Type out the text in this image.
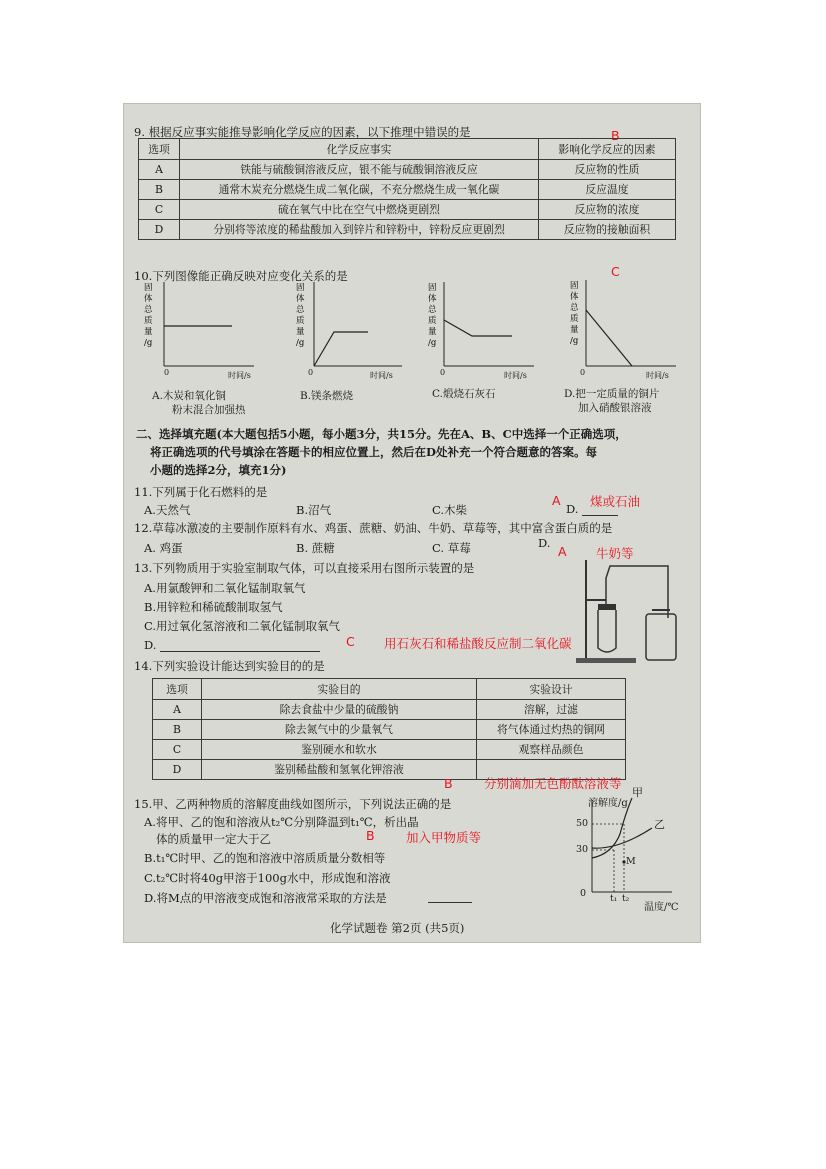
9. 根据反应事实能推导影响化学反应的因素，以下推理中错误的是	B
选项	化学反应事实	影响化学反应的因素
A	铁能与硫酸铜溶液反应，银不能与硫酸铜溶液反应	反应物的性质
B	通常木炭充分燃烧生成二氧化碳，不充分燃烧生成一氧化碳	反应温度
C	硫在氧气中比在空气中燃烧更剧烈	反应物的浓度
D	分别将等浓度的稀盐酸加入到锌片和锌粉中，锌粉反应更剧烈	反应物的接触面积
10.下列图像能正确反映对应变化关系的是	C
固
体
总
质
量
/g
固
体
总
质
量
/g
固
体
总
质
量
/g
固
体
总
质
量
/g
0	时间/s	0	时间/s	0	时间/s	0	时间/s
A.木炭和氧化铜
粉末混合加强热
B.镁条燃烧	C.煅烧石灰石	D.把一定质量的铜片
加入硝酸银溶液
二、选择填充题(本大题包括5小题，每小题3分，共15分。先在A、B、C中选择一个正确选项，
将正确选项的代号填涂在答题卡的相应位置上，然后在D处补充一个符合题意的答案。每
小题的选择2分，填充1分)
11.下列属于化石燃料的是
A.天然气	B.沼气	C.木柴
A
D. 煤或石油
12.草莓冰激凌的主要制作原料有水、鸡蛋、蔗糖、奶油、牛奶、草莓等，其中富含蛋白质的是
A. 鸡蛋	B. 蔗糖	C. 草莓	D.
A 牛奶等
13.下列物质用于实验室制取气体，可以直接采用右图所示装置的是
A.用氯酸钾和二氧化锰制取氧气
B.用锌粒和稀硫酸制取氢气
C.用过氧化氢溶液和二氧化锰制取氧气
D.	C 用石灰石和稀盐酸反应制二氧化碳
14.下列实验设计能达到实验目的的是
选项	实验目的	实验设计
A	除去食盐中少量的硫酸钠	溶解，过滤
B	除去氮气中的少量氧气	将气体通过灼热的铜网
C	鉴别硬水和软水	观察样品颜色
D	鉴别稀盐酸和氢氧化钾溶液	
B	分别滴加无色酚酞溶液等
15.甲、乙两种物质的溶解度曲线如图所示，下列说法正确的是
A.将甲、乙的饱和溶液从t₂℃分别降温到t₁℃，析出晶
体的质量甲一定大于乙	B	加入甲物质等
B.t₁℃时甲、乙的饱和溶液中溶质质量分数相等
C.t₂℃时将40g甲溶于100g水中，形成饱和溶液
D.将M点的甲溶液变成饱和溶液常采取的方法是
溶解度/g
甲
乙
50
30
0	t₁ t₂
M
温度/℃
化学试题卷 第2页 (共5页)
